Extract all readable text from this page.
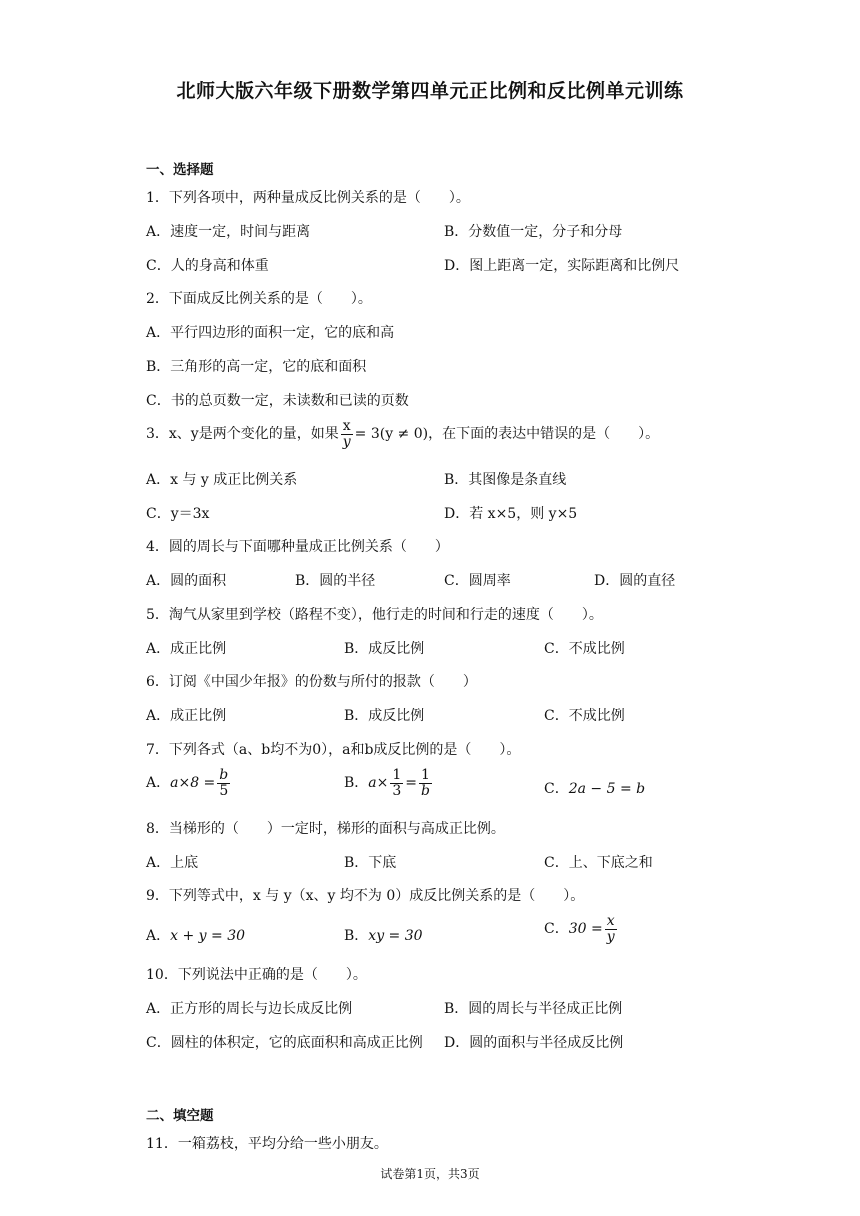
北师大版六年级下册数学第四单元正比例和反比例单元训练
一、选择题
1．下列各项中，两种量成反比例关系的是（　　）。
A．速度一定，时间与距离	B．分数值一定，分子和分母
C．人的身高和体重	D．图上距离一定，实际距离和比例尺
2．下面成反比例关系的是（　　）。
A．平行四边形的面积一定，它的底和高
B．三角形的高一定，它的底和面积
C．书的总页数一定，未读数和已读的页数
3．x、y是两个变化的量，如果 $\frac{x}{y} = 3(y \ne 0)$，在下面的表达中错误的是（　　）。
A．x 与 y 成正比例关系	B．其图像是条直线
C．y＝3x	D．若 x×5，则 y×5
4．圆的周长与下面哪种量成正比例关系（　　）
A．圆的面积	B．圆的半径	C．圆周率	D．圆的直径
5．淘气从家里到学校（路程不变），他行走的时间和行走的速度（　　）。
A．成正比例	B．成反比例	C．不成比例
6．订阅《中国少年报》的份数与所付的报款（　　）
A．成正比例	B．成反比例	C．不成比例
7．下列各式（a、b均不为0），a和b成反比例的是（　　）。
A．$a\times 8 = \frac{b}{5}$	B．$a\times \frac{1}{3} = \frac{1}{b}$	C．2a − 5 = b
8．当梯形的（　　）一定时，梯形的面积与高成正比例。
A．上底	B．下底	C．上、下底之和
9．下列等式中，x 与 y（x、y 均不为 0）成反比例关系的是（　　）。
A．x + y = 30	B．xy = 30	C．$30 = \frac{x}{y}$
10．下列说法中正确的是（　　）。
A．正方形的周长与边长成反比例	B．圆的周长与半径成正比例
C．圆柱的体积定，它的底面积和高成正比例 D．圆的面积与半径成反比例
二、填空题
11．一箱荔枝，平均分给一些小朋友。
试卷第1页，共3页
